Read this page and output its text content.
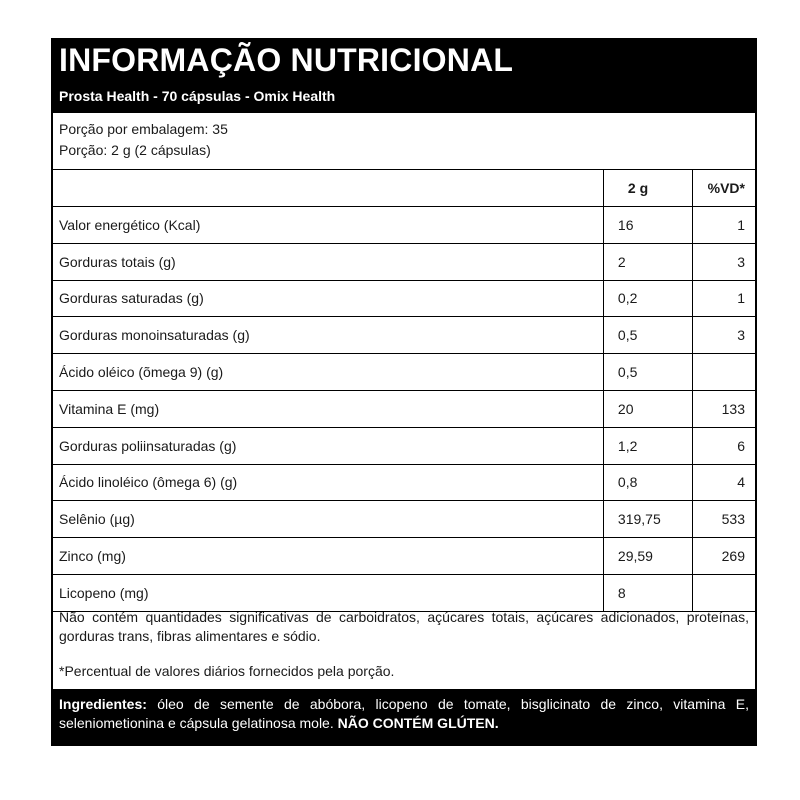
INFORMAÇÃO NUTRICIONAL
Prosta Health - 70 cápsulas - Omix Health
Porção por embalagem: 35
Porção: 2 g (2 cápsulas)
	2 g	%VD*
Valor energético (Kcal)	16	1
Gorduras totais (g)	2	3
Gorduras saturadas (g)	0,2	1
Gorduras monoinsaturadas (g)	0,5	3
Ácido oléico (õmega 9) (g)	0,5	
Vitamina E (mg)	20	133
Gorduras poliinsaturadas (g)	1,2	6
Ácido linoléico (ômega 6) (g)	0,8	4
Selênio (µg)	319,75	533
Zinco (mg)	29,59	269
Licopeno (mg)	8	
Não contém quantidades significativas de carboidratos, açúcares totais, açúcares adicionados, proteínas, gorduras trans, fibras alimentares e sódio.
*Percentual de valores diários fornecidos pela porção.
Ingredientes: óleo de semente de abóbora, licopeno de tomate, bisglicinato de zinco, vitamina E, seleniometionina e cápsula gelatinosa mole. NÃO CONTÉM GLÚTEN.
